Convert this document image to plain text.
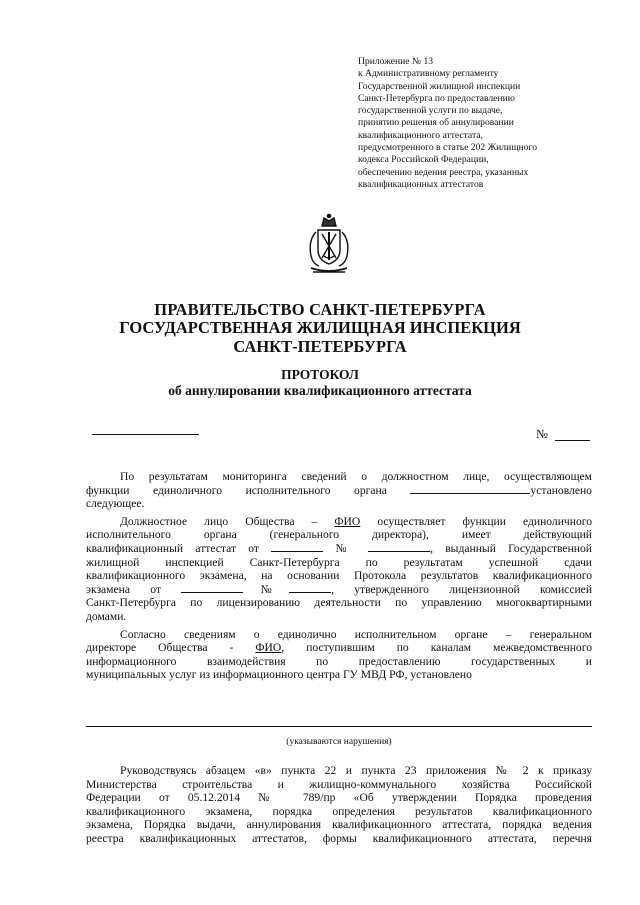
Приложение № 13
к Административному регламенту
Государственной жилищной инспекции
Санкт-Петербурга по предоставлению
государственной услуги по выдаче,
принятию решения об аннулировании
квалификационного аттестата,
предусмотренного в статье 202 Жилищного
кодекса Российской Федерации,
обеспечению ведения реестра, указанных
квалификационных аттестатов
ПРАВИТЕЛЬСТВО САНКТ-ПЕТЕРБУРГА
ГОСУДАРСТВЕННАЯ ЖИЛИЩНАЯ ИНСПЕКЦИЯ
САНКТ-ПЕТЕРБУРГА
ПРОТОКОЛ
об аннулировании квалификационного аттестата
№

По результатам мониторинга сведений о должностном лице, осуществляющем

функции единоличного исполнительного органа	установлено

следующее.

Должностное лицо Общества – ФИО осуществляет функции единоличного

исполнительного органа (генерального директора), имеет действующий

квалификационный аттестат от	№	, выданный Государственной

жилищной инспекцией Санкт-Петербурга по результатам успешной сдачи

квалификационного экзамена, на основании Протокола результатов квалификационного

экзамена от	№	, утвержденного лицензионной комиссией

Санкт-Петербурга по лицензированию деятельности по управлению многоквартирными

домами.

Согласно сведениям о единолично исполнительном органе – генеральном

директоре Общества - ФИО, поступившим по каналам межведомственного

информационного взаимодействия по предоставлению государственных и

муниципальных услуг из информационного центра ГУ МВД РФ, установлено

(указываются нарушения)

Руководствуясь абзацем «в» пункта 22 и пункта 23 приложения № 2 к приказу

Министерства строительства и жилищно-коммунального хозяйства Российской

Федерации от 05.12.2014 № 789/пр «Об утверждении Порядка проведения

квалификационного экзамена, порядка определения результатов квалификационного

экзамена, Порядка выдачи, аннулирования квалификационного аттестата, порядка ведения

реестра квалификационных аттестатов, формы квалификационного аттестата, перечня
